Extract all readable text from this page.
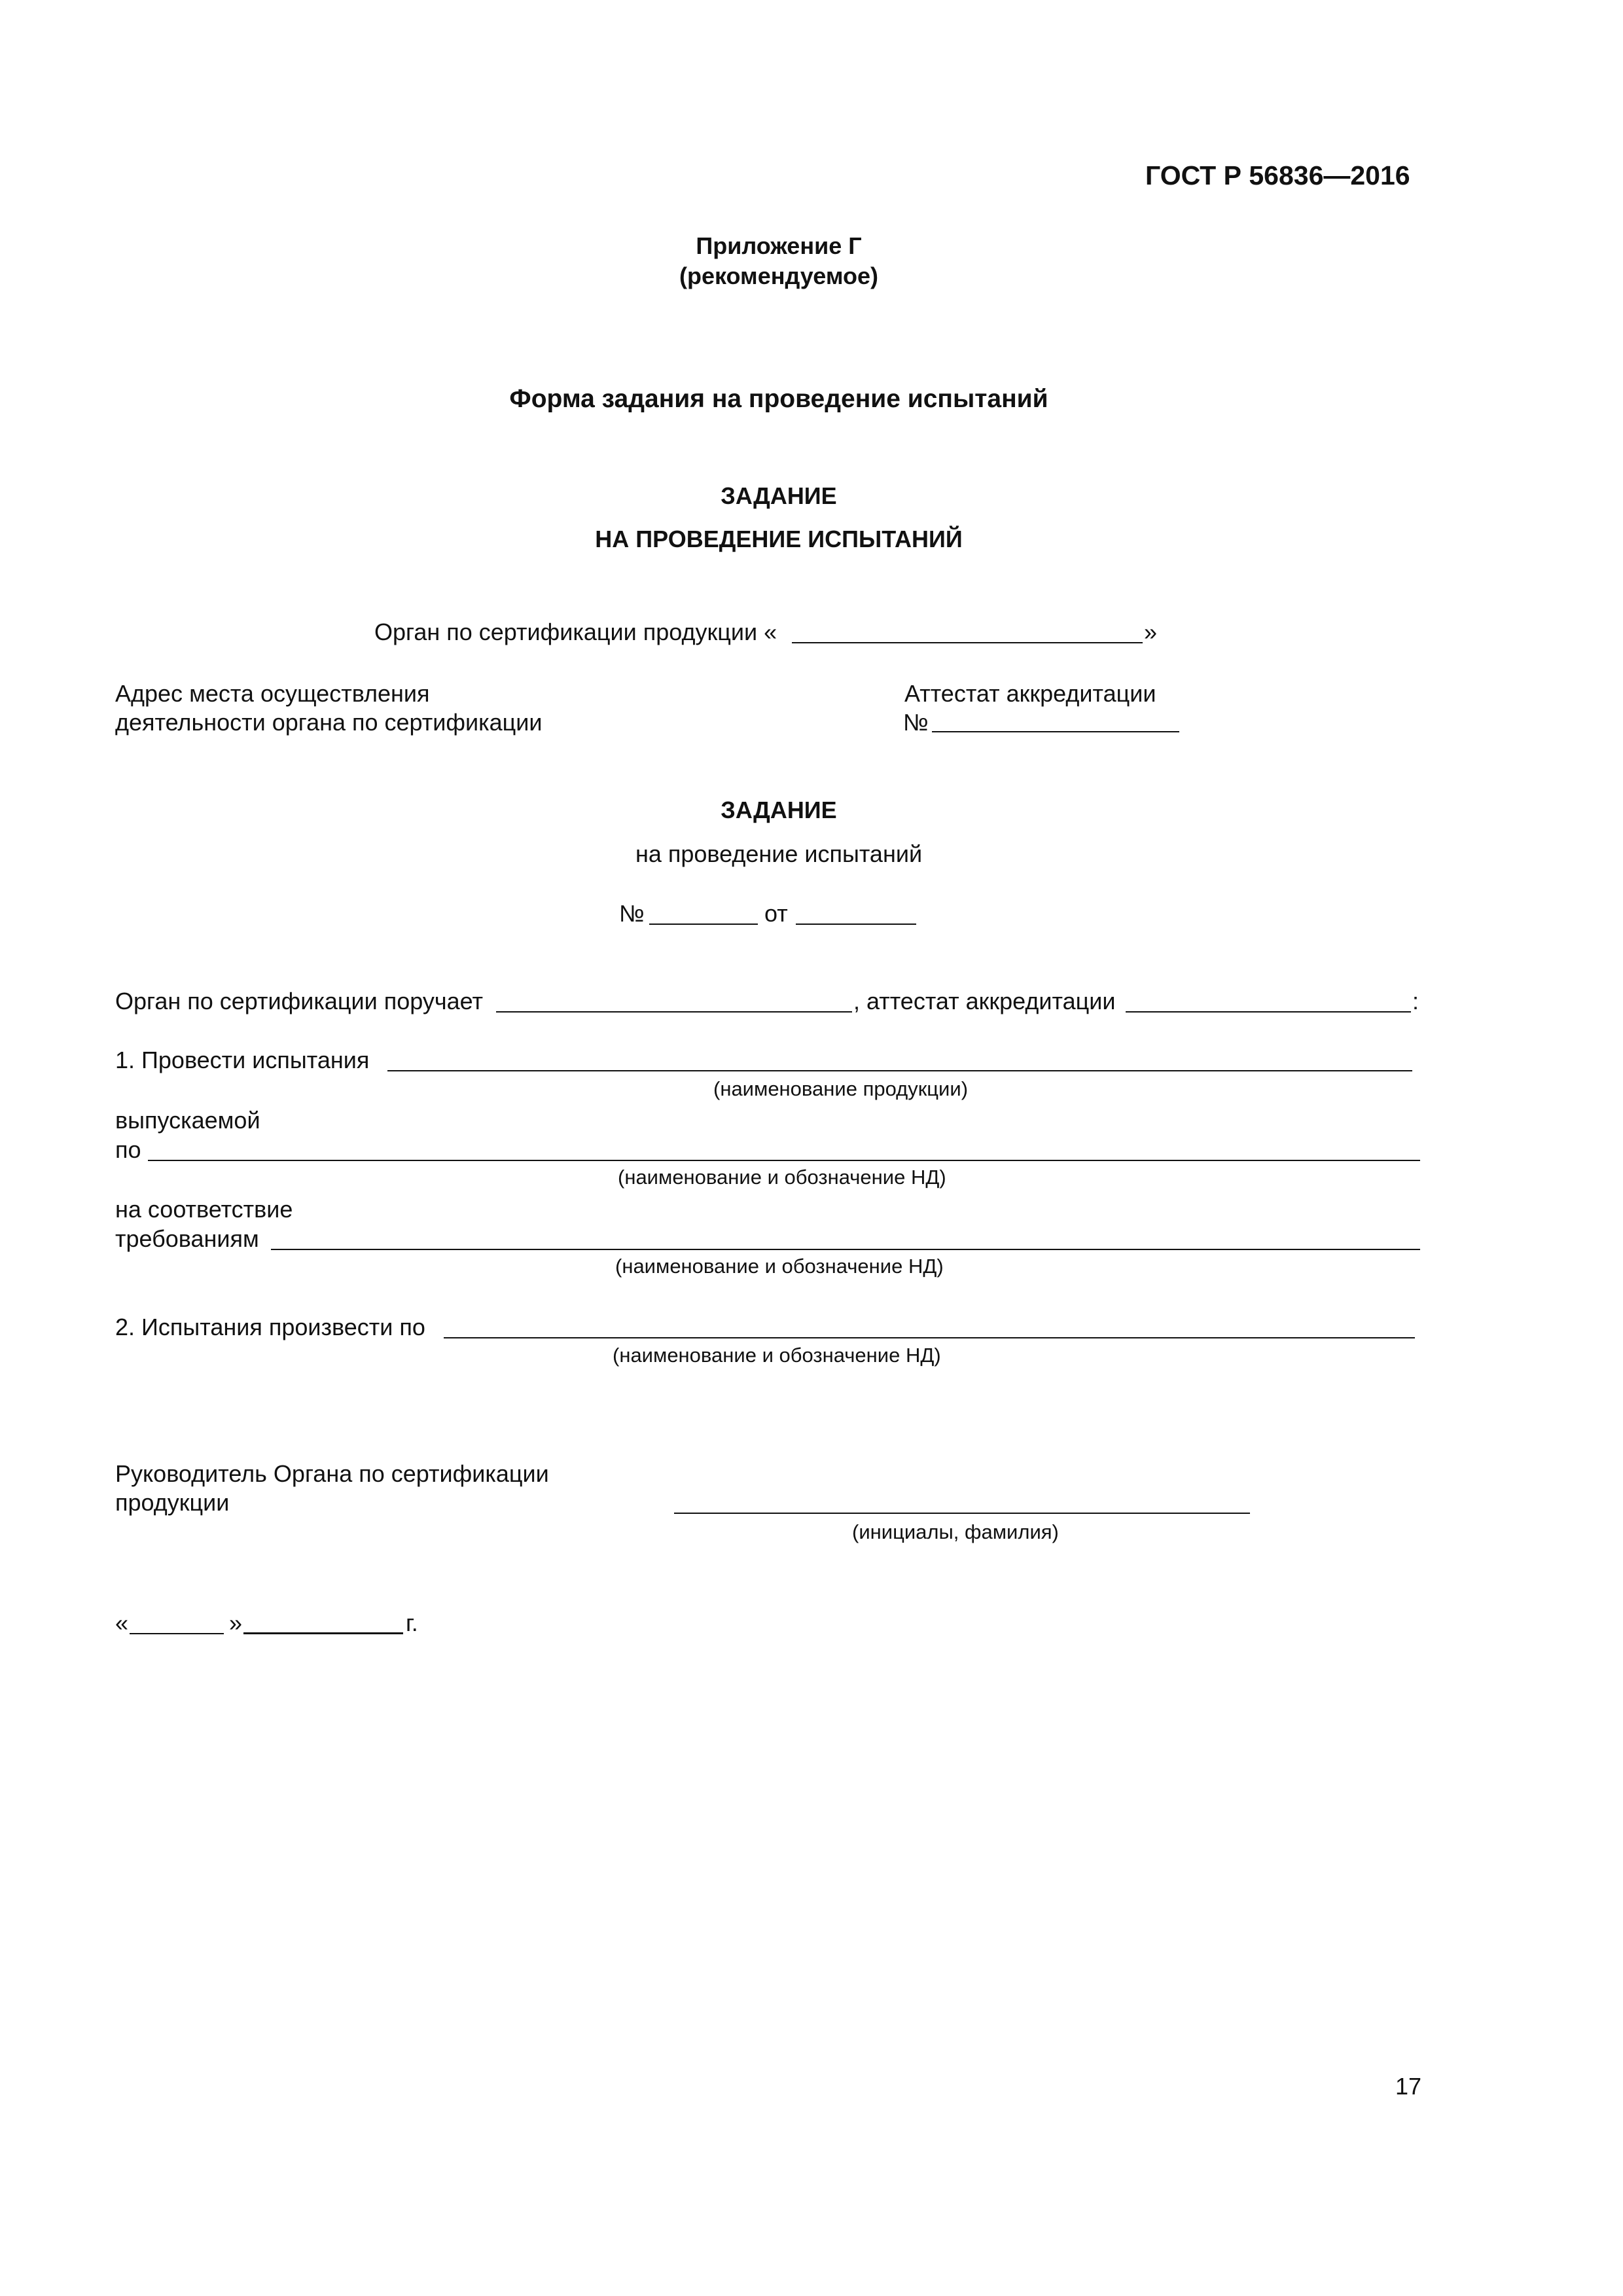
ГОСТ Р 56836—2016
Приложение Г
(рекомендуемое)
Форма задания на проведение испытаний
ЗАДАНИЕ
НА ПРОВЕДЕНИЕ ИСПЫТАНИЙ
Орган по сертификации продукции «	»
Адрес места осуществления
деятельности органа по сертификации
Аттестат аккредитации
№
ЗАДАНИЕ
на проведение испытаний
№	от
Орган по сертификации поручает	, аттестат аккредитации	:
1. Провести испытания
(наименование продукции)
выпускаемой
по
(наименование и обозначение НД)
на соответствие
требованиям
(наименование и обозначение НД)
2. Испытания произвести по
(наименование и обозначение НД)
Руководитель Органа по сертификации
продукции
(инициалы, фамилия)
«	»	г.
17
